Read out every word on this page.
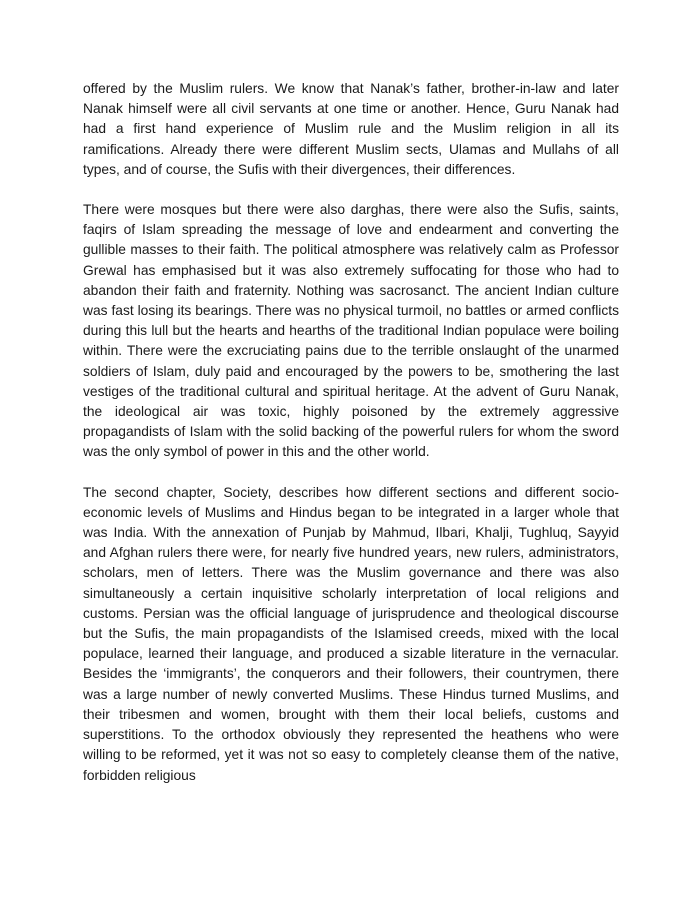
offered by the Muslim rulers. We know that Nanak’s father, brother-in-law and later Nanak himself were all civil servants at one time or another. Hence, Guru Nanak had had a first hand experience of Muslim rule and the Muslim religion in all its ramifications. Already there were different Muslim sects, Ulamas and Mullahs of all types, and of course, the Sufis with their divergences, their differences.

There were mosques but there were also darghas, there were also the Sufis, saints, faqirs of Islam spreading the message of love and endearment and converting the gullible masses to their faith. The political atmosphere was relatively calm as Professor Grewal has emphasised but it was also extremely suffocating for those who had to abandon their faith and fraternity. Nothing was sacrosanct. The ancient Indian culture was fast losing its bearings. There was no physical turmoil, no battles or armed conflicts during this lull but the hearts and hearths of the traditional Indian populace were boiling within. There were the excruciating pains due to the terrible onslaught of the unarmed soldiers of Islam, duly paid and encouraged by the powers to be, smothering the last vestiges of the traditional cultural and spiritual heritage. At the advent of Guru Nanak, the ideological air was toxic, highly poisoned by the extremely aggressive propagandists of Islam with the solid backing of the powerful rulers for whom the sword was the only symbol of power in this and the other world.

The second chapter, Society, describes how different sections and different socio-economic levels of Muslims and Hindus began to be integrated in a larger whole that was India. With the annexation of Punjab by Mahmud, Ilbari, Khalji, Tughluq, Sayyid and Afghan rulers there were, for nearly five hundred years, new rulers, administrators, scholars, men of letters. There was the Muslim governance and there was also simultaneously a certain inquisitive scholarly interpretation of local religions and customs. Persian was the official language of jurisprudence and theological discourse but the Sufis, the main propagandists of the Islamised creeds, mixed with the local populace, learned their language, and produced a sizable literature in the vernacular. Besides the ‘immigrants’, the conquerors and their followers, their countrymen, there was a large number of newly converted Muslims. These Hindus turned Muslims, and their tribesmen and women, brought with them their local beliefs, customs and superstitions. To the orthodox obviously they represented the heathens who were willing to be reformed, yet it was not so easy to completely cleanse them of the native, forbidden religious
